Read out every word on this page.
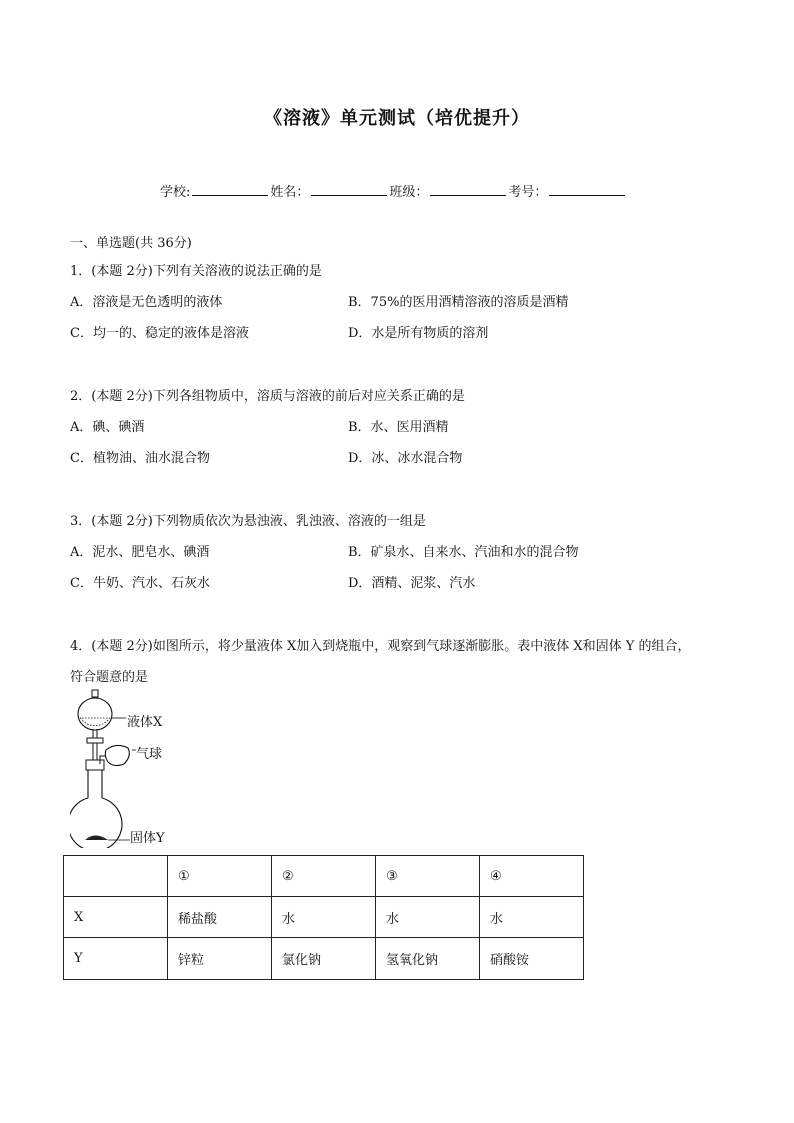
《溶液》单元测试（培优提升）
学校:	姓名：	班级：	考号：
一、单选题(共 36分)
1．(本题 2分)下列有关溶液的说法正确的是
A．溶液是无色透明的液体	B．75%的医用酒精溶液的溶质是酒精
C．均一的、稳定的液体是溶液	D．水是所有物质的溶剂
2．(本题 2分)下列各组物质中，溶质与溶液的前后对应关系正确的是
A．碘、碘酒	B．水、医用酒精
C．植物油、油水混合物	D．冰、冰水混合物
3．(本题 2分)下列物质依次为悬浊液、乳浊液、溶液的一组是
A．泥水、肥皂水、碘酒	B．矿泉水、自来水、汽油和水的混合物
C．牛奶、汽水、石灰水	D．酒精、泥浆、汽水
4．(本题 2分)如图所示，将少量液体 X加入到烧瓶中，观察到气球逐渐膨胀。表中液体 X和固体 Y 的组合，
符合题意的是
液体X
气球
固体Y
	①	②	③	④
X	稀盐酸	水	水	水
Y	锌粒	氯化钠	氢氧化钠	硝酸铵
